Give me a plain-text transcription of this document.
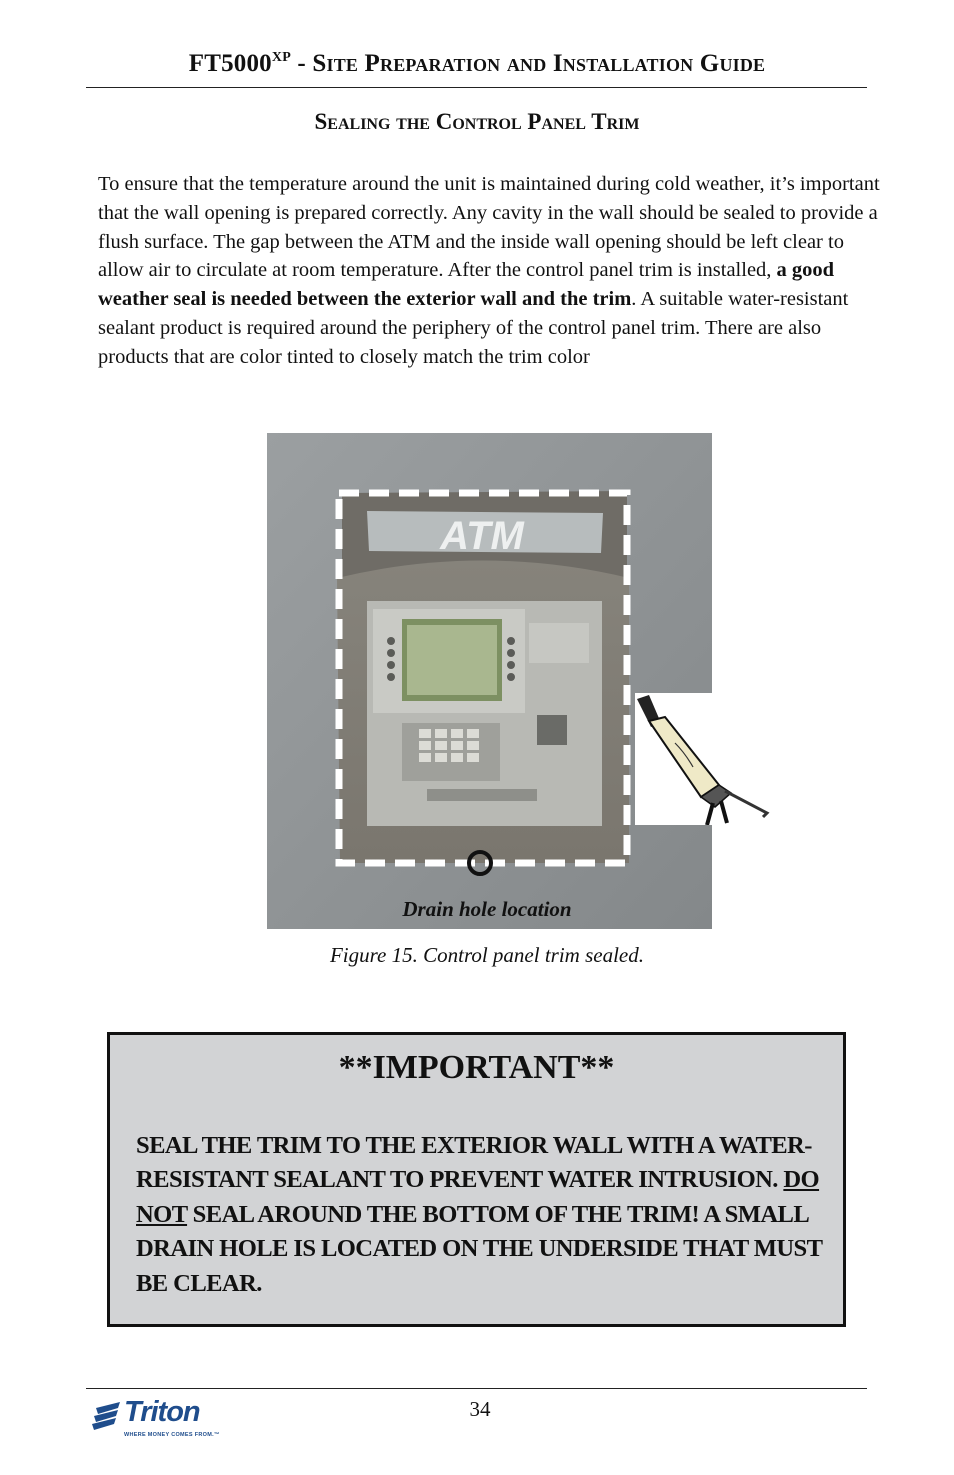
$FT5000^{XP}$ - Site Preparation and Installation Guide
Sealing the Control Panel Trim

To ensure that the temperature around the unit is maintained during cold weather, it’s important that the wall opening is prepared correctly. Any cavity in the wall should be sealed to provide a flush surface. The gap between the ATM and the inside wall opening should be left clear to allow air to circulate at room temperature. After the control panel trim is installed, a good weather seal is needed between the exterior wall and the trim. A suitable water-resistant sealant product is required around the periphery of the control panel trim. There are also products that are color tinted to closely match the trim color

ATM
Drain hole location
Figure 15. Control panel trim sealed.
**IMPORTANT**

SEAL THE TRIM TO THE EXTERIOR WALL WITH A WATER-RESISTANT SEALANT TO PREVENT WATER INTRUSION. DO NOT SEAL AROUND THE BOTTOM OF THE TRIM! A SMALL DRAIN HOLE IS LOCATED ON THE UNDERSIDE THAT MUST BE CLEAR.

34
Triton
WHERE MONEY COMES FROM.™
